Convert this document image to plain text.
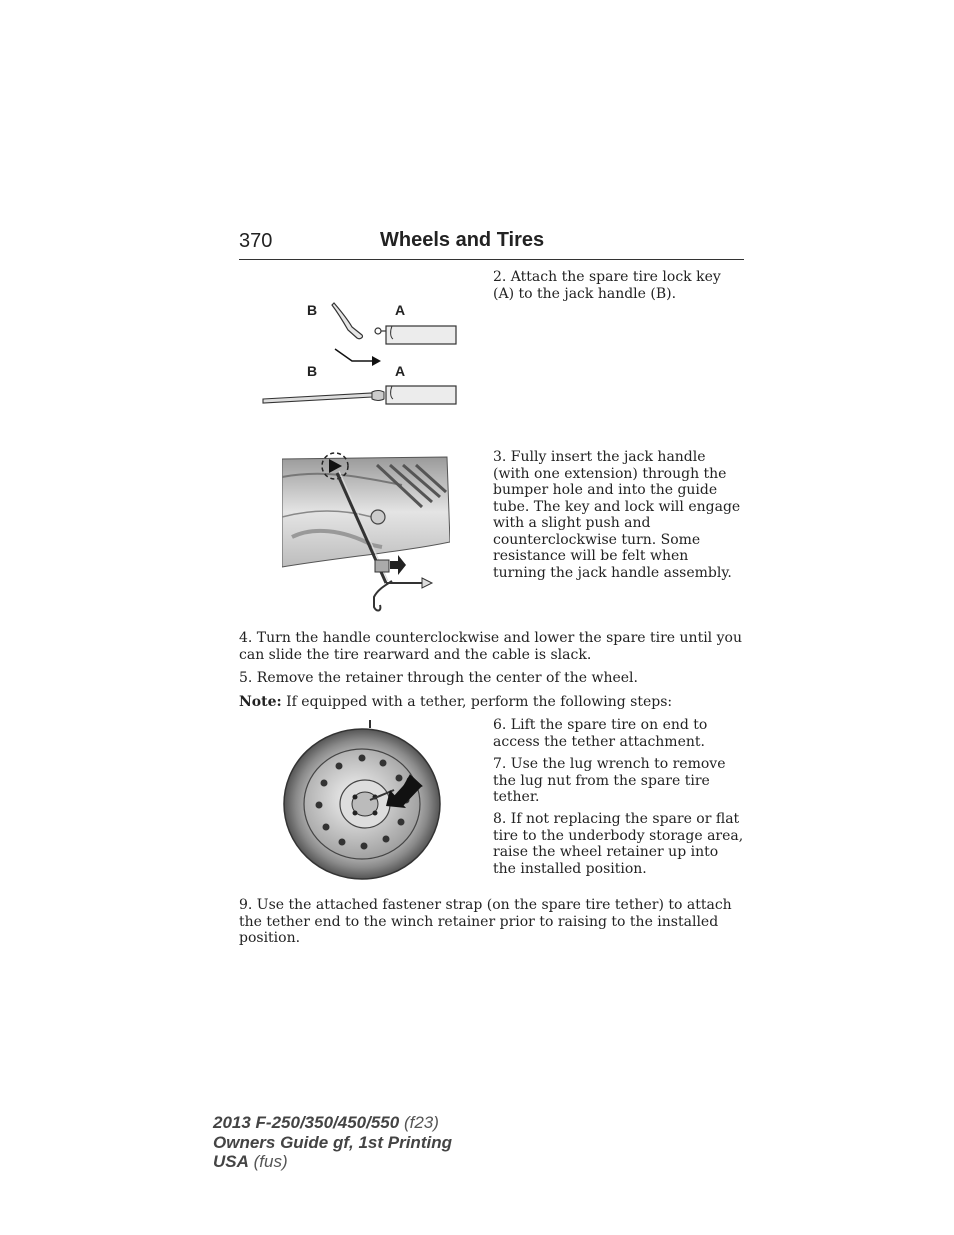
370	Wheels and Tires
B	A
B	A
2. Attach the spare tire lock key (A) to the jack handle (B).
3. Fully insert the jack handle (with one extension) through the bumper hole and into the guide tube. The key and lock will engage with a slight push and counterclockwise turn. Some resistance will be felt when turning the jack handle assembly.
4. Turn the handle counterclockwise and lower the spare tire until you can slide the tire rearward and the cable is slack.
5. Remove the retainer through the center of the wheel.
Note: If equipped with a tether, perform the following steps:
6. Lift the spare tire on end to access the tether attachment.
7. Use the lug wrench to remove the lug nut from the spare tire tether.
8. If not replacing the spare or flat tire to the underbody storage area, raise the wheel retainer up into the installed position.
9. Use the attached fastener strap (on the spare tire tether) to attach the tether end to the winch retainer prior to raising to the installed position.
2013 F-250/350/450/550 (f23)
Owners Guide gf, 1st Printing
USA (fus)
